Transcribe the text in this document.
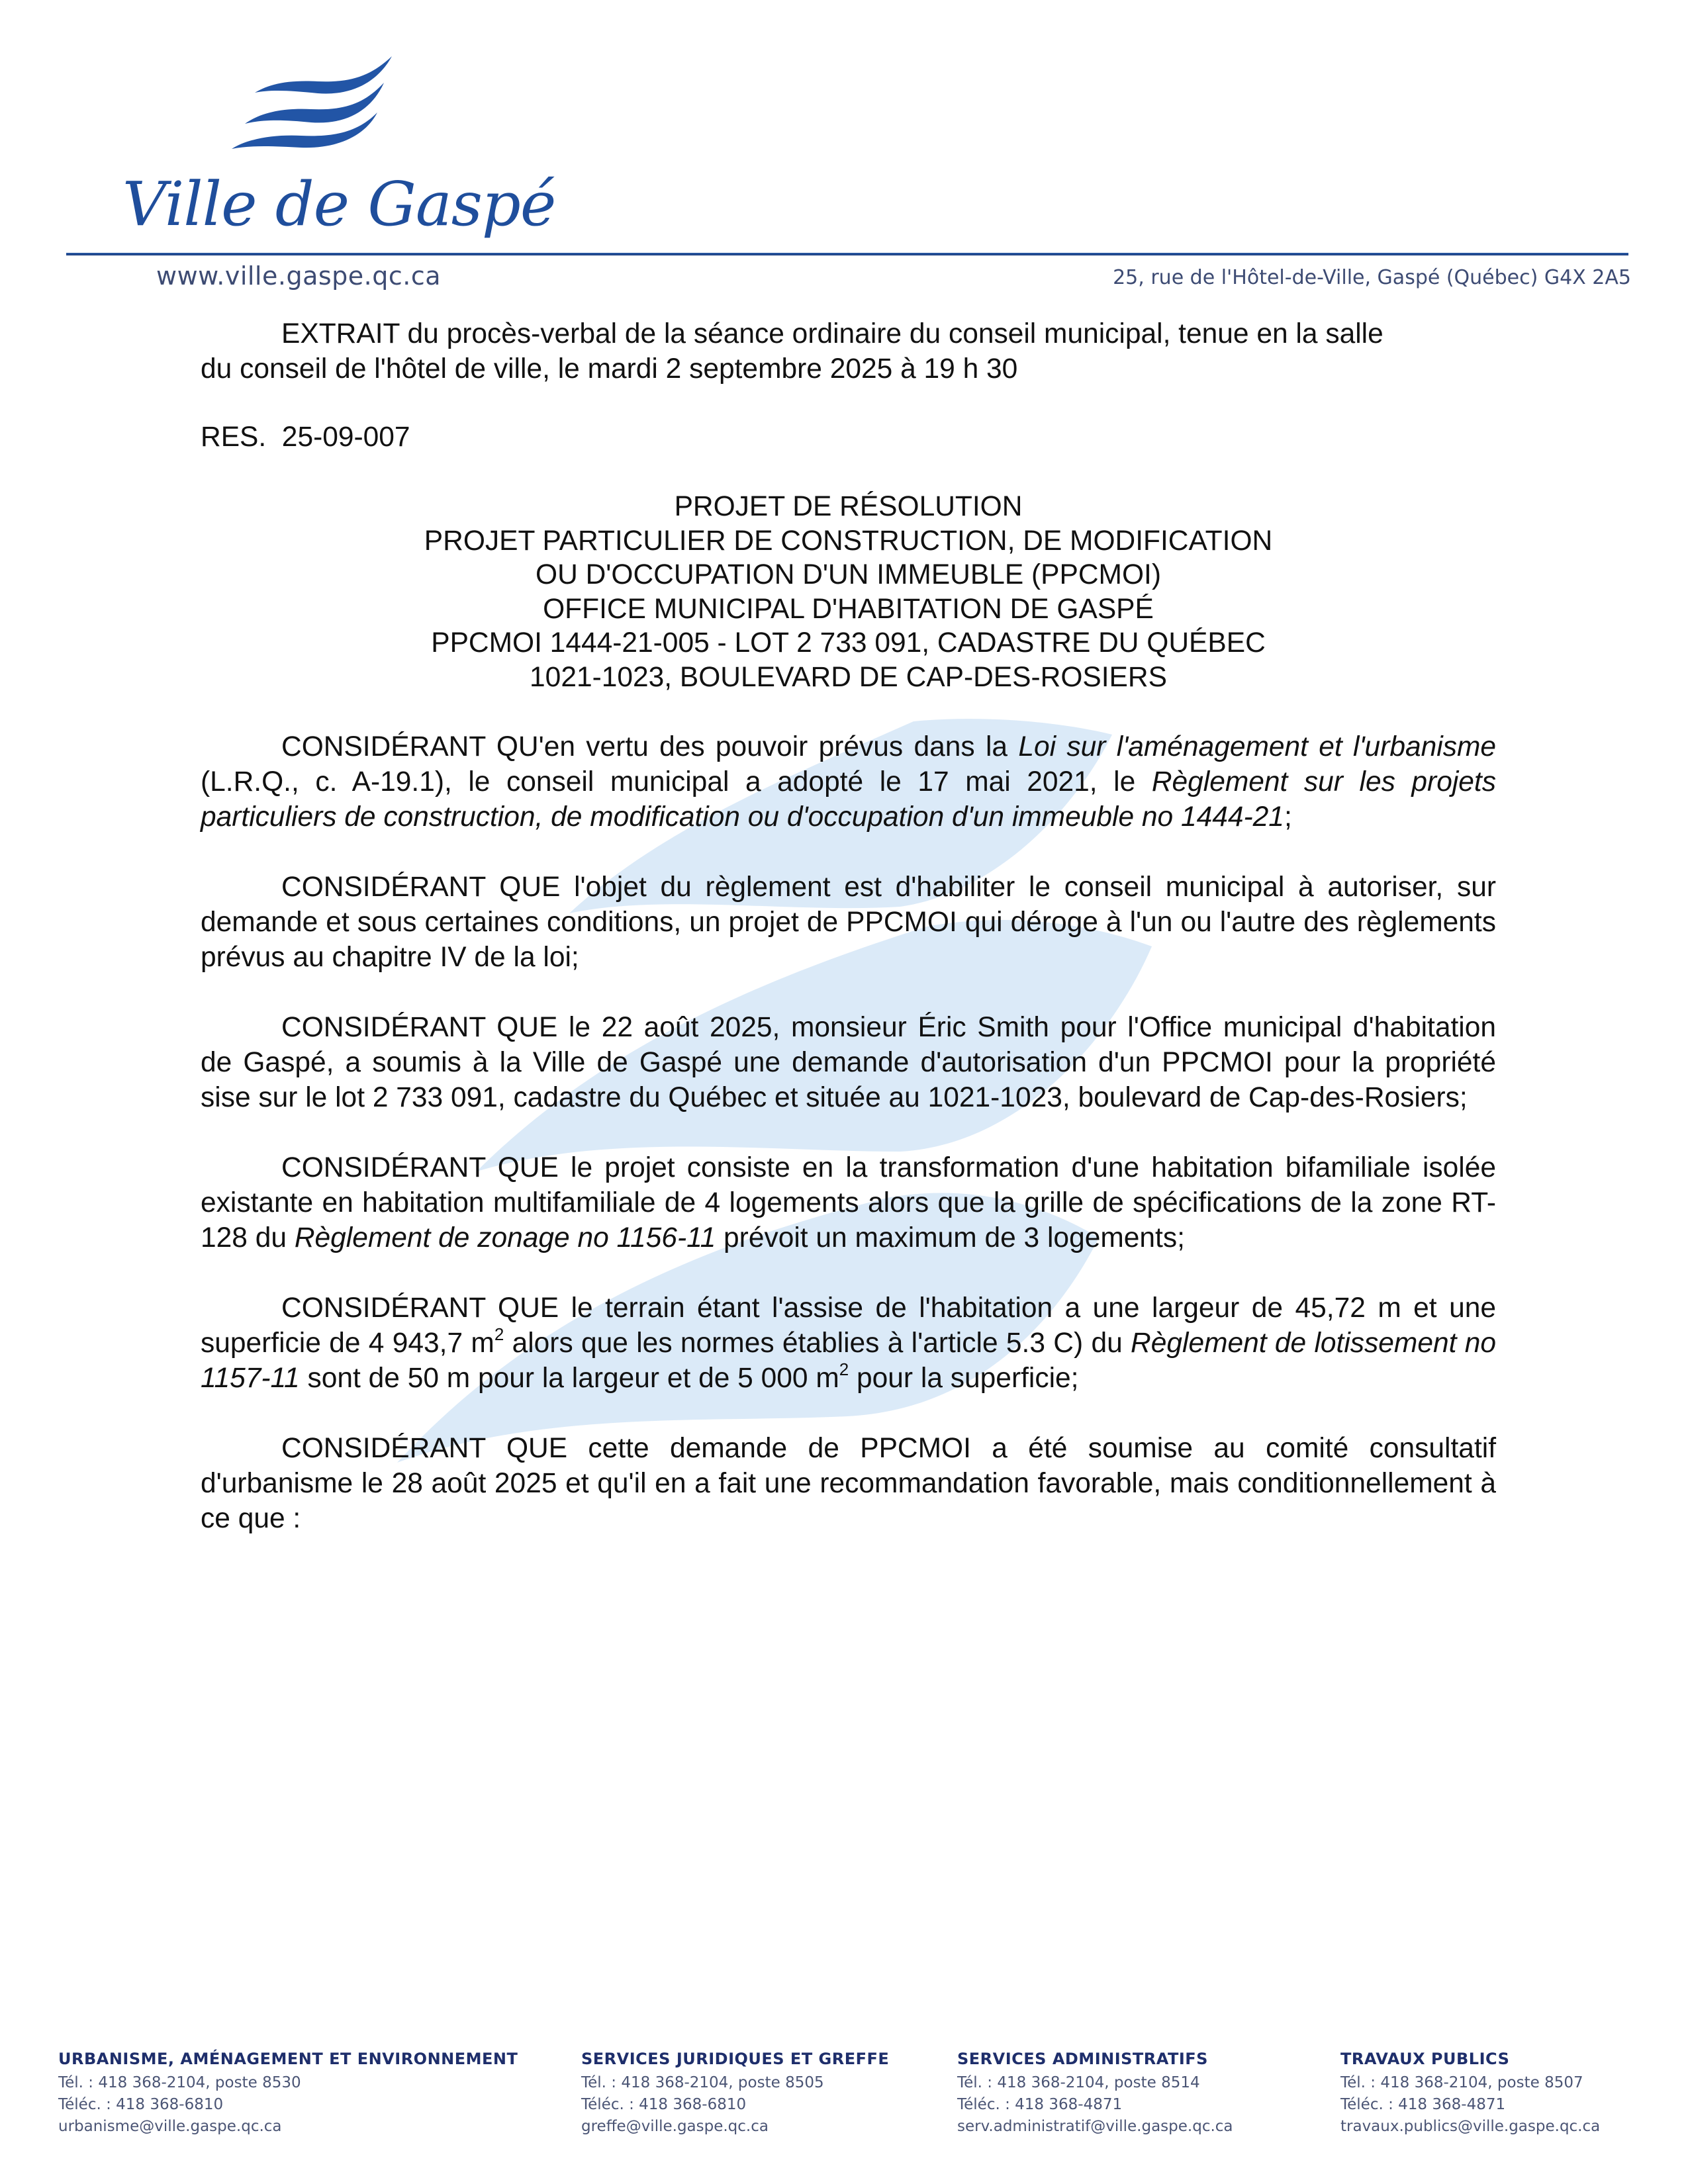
Ville de Gaspé
www.ville.gaspe.qc.ca	25, rue de l'Hôtel-de-Ville, Gaspé (Québec) G4X 2A5

EXTRAIT du procès-verbal de la séance ordinaire du conseil municipal, tenue en la salle

du conseil de l'hôtel de ville, le mardi 2 septembre 2025 à 19 h 30

RES.  25-09-007

PROJET DE RÉSOLUTION
PROJET PARTICULIER DE CONSTRUCTION, DE MODIFICATION
OU D'OCCUPATION D'UN IMMEUBLE (PPCMOI)
OFFICE MUNICIPAL D'HABITATION DE GASPÉ
PPCMOI 1444-21-005 - LOT 2 733 091, CADASTRE DU QUÉBEC
1021-1023, BOULEVARD DE CAP-DES-ROSIERS

CONSIDÉRANT QU'en vertu des pouvoir prévus dans la Loi sur l'aménagement et l'urbanisme (L.R.Q., c. A-19.1), le conseil municipal a adopté le 17 mai 2021, le Règlement sur les projets particuliers de construction, de modification ou d'occupation d'un immeuble no 1444-21;

CONSIDÉRANT QUE l'objet du règlement est d'habiliter le conseil municipal à autoriser, sur demande et sous certaines conditions, un projet de PPCMOI qui déroge à l'un ou l'autre des règlements prévus au chapitre IV de la loi;

CONSIDÉRANT QUE le 22 août 2025, monsieur Éric Smith pour l'Office municipal d'habitation de Gaspé, a soumis à la Ville de Gaspé une demande d'autorisation d'un PPCMOI pour la propriété sise sur le lot 2 733 091, cadastre du Québec et située au 1021-1023, boulevard de Cap-des-Rosiers;

CONSIDÉRANT QUE le projet consiste en la transformation d'une habitation bifamiliale isolée existante en habitation multifamiliale de 4 logements alors que la grille de spécifications de la zone RT-128 du Règlement de zonage no 1156-11 prévoit un maximum de 3 logements;

CONSIDÉRANT QUE le terrain étant l'assise de l'habitation a une largeur de 45,72 m et une superficie de 4 943,7 $m^2$ alors que les normes établies à l'article 5.3 C) du Règlement de lotissement no 1157-11 sont de 50 m pour la largeur et de 5 000 $m^2$ pour la superficie;

CONSIDÉRANT QUE cette demande de PPCMOI a été soumise au comité consultatif d'urbanisme le 28 août 2025 et qu'il en a fait une recommandation favorable, mais conditionnellement à ce que :

URBANISME, AMÉNAGEMENT ET ENVIRONNEMENT
Tél. : 418 368-2104, poste 8530
Téléc. : 418 368-6810
urbanisme@ville.gaspe.qc.ca
SERVICES JURIDIQUES ET GREFFE
Tél. : 418 368-2104, poste 8505
Téléc. : 418 368-6810
greffe@ville.gaspe.qc.ca
SERVICES ADMINISTRATIFS
Tél. : 418 368-2104, poste 8514
Téléc. : 418 368-4871
serv.administratif@ville.gaspe.qc.ca
TRAVAUX PUBLICS
Tél. : 418 368-2104, poste 8507
Téléc. : 418 368-4871
travaux.publics@ville.gaspe.qc.ca
